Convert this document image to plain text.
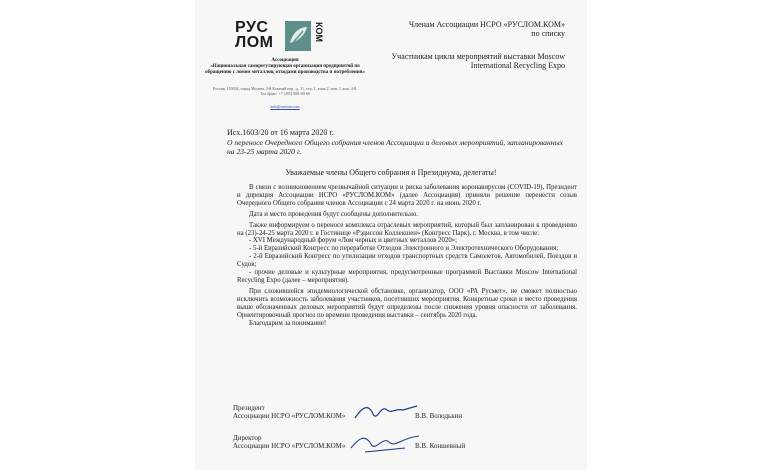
РУС
ЛОМ
КОМ
Ассоциация
«Национальная саморегулирующая организация предприятий по обращению с ломом металлов, отходами производства и потребления»
Россия, 119034, город Москва, 2-й Казачий пер., д. 11, стр. 1, этаж 2, пом. I, ком. 4-8. Тел./факс: +7 (495) 989-69-66
info@ruslom.com
Членам Ассоциации НСРО «РУСЛОМ.КОМ» по списку
Участникам цикла мероприятий выставки Moscow International Recycling Expo
Исх.1603/20 от 16 марта 2020 г.
О переносе Очередного Общего собрания членов Ассоциации и деловых мероприятий, запланированных на 23-25 марта 2020 г.
Уважаемые члены Общего собрания и Президиума, делегаты!

В связи с возникновением чрезвычайной ситуации и риска заболевания коронавирусом (COVID-19), Президент и дирекция Ассоциации НСРО «РУСЛОМ.КОМ» (далее Ассоциация) приняли решение перенести созыв Очередного Общего собрания членов Ассоциации с 24 марта 2020 г. на июнь 2020 г.

Дата и место проведения будут сообщены дополнительно.

Также информируем о переносе комплекса отраслевых мероприятий, который был запланирован к проведению на (23)-24-25 марта 2020 г. в Гостинице «Рэдиссон Коллекшен» (Конгресс Парк), г. Москва, в том числе:

- XVI Международный форум «Лом черных и цветных металлов 2020»;

- 5-й Евразийский Конгресс по переработке Отходов Электронного и Электротехнического Оборудования;

- 2-й Евразийский Конгресс по утилизации отходов транспортных средств Самолетов, Автомобилей, Поездов и Судов;

- прочие деловые и культурные мероприятия, предусмотренные программой Выставки Moscow International Recycling Expo (далее – мероприятия).

При сложившейся эпидемиологической обстановке, организатор, ООО «РА Русмет», не сможет полностью исключить возможность заболевания участников, посетивших мероприятия. Конкретные сроки и место проведения выше обозначенных деловых мероприятий будут определены после снижения уровня опасности от заболевания. Ориентировочный прогноз по времени проведения выставки – сентябрь 2020 года.

Благодарим за понимание!

Президент
Ассоциации НСРО «РУСЛОМ.КОМ»	В.В. Володькин
Директор
Ассоциации НСРО «РУСЛОМ.КОМ»	В.В. Коншевный
